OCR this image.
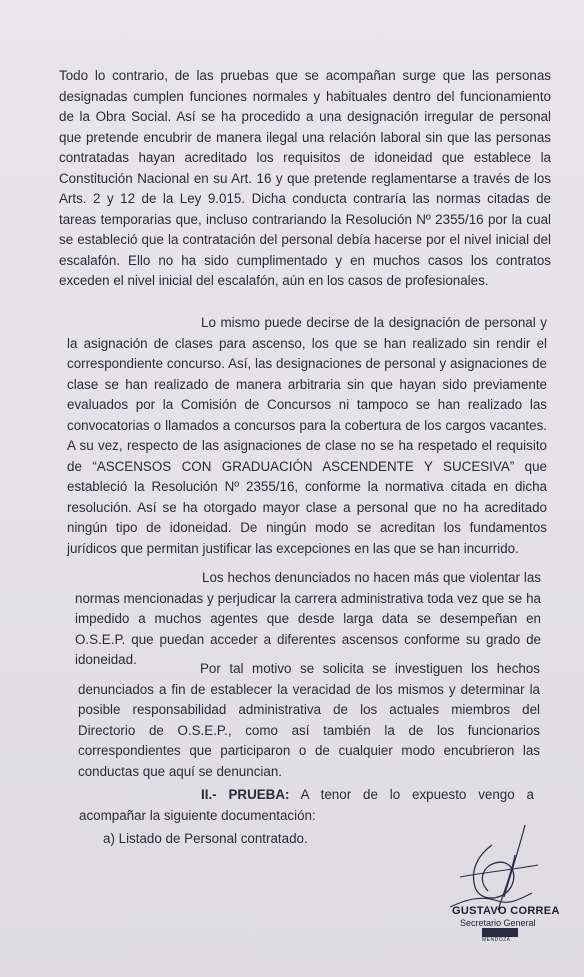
Todo lo contrario, de las pruebas que se acompañan surge que las personas designadas cumplen funciones normales y habituales dentro del funcionamiento de la Obra Social. Así se ha procedido a una designación irregular de personal que pretende encubrir de manera ilegal una relación laboral sin que las personas contratadas hayan acreditado los requisitos de idoneidad que establece la Constitución Nacional en su Art. 16 y que pretende reglamentarse a través de los Arts. 2 y 12 de la Ley 9.015. Dicha conducta contraría las normas citadas de tareas temporarias que, incluso contrariando la Resolución Nº 2355/16 por la cual se estableció que la contratación del personal debía hacerse por el nivel inicial del escalafón. Ello no ha sido cumplimentado y en muchos casos los contratos exceden el nivel inicial del escalafón, aún en los casos de profesionales.

Lo mismo puede decirse de la designación de personal y la asignación de clases para ascenso, los que se han realizado sin rendir el correspondiente concurso. Así, las designaciones de personal y asignaciones de clase se han realizado de manera arbitraria sin que hayan sido previamente evaluados por la Comisión de Concursos ni tampoco se han realizado las convocatorias o llamados a concursos para la cobertura de los cargos vacantes. A su vez, respecto de las asignaciones de clase no se ha respetado el requisito de “ASCENSOS CON GRADUACIÓN ASCENDENTE Y SUCESIVA” que estableció la Resolución Nº 2355/16, conforme la normativa citada en dicha resolución. Así se ha otorgado mayor clase a personal que no ha acreditado ningún tipo de idoneidad. De ningún modo se acreditan los fundamentos jurídicos que permitan justificar las excepciones en las que se han incurrido.

Los hechos denunciados no hacen más que violentar las normas mencionadas y perjudicar la carrera administrativa toda vez que se ha impedido a muchos agentes que desde larga data se desempeñan en O.S.E.P. que puedan acceder a diferentes ascensos conforme su grado de idoneidad.

Por tal motivo se solicita se investiguen los hechos denunciados a fin de establecer la veracidad de los mismos y determinar la posible responsabilidad administrativa de los actuales miembros del Directorio de O.S.E.P., como así también la de los funcionarios correspondientes que participaron o de cualquier modo encubrieron las conductas que aquí se denuncian.

II.- PRUEBA: A tenor de lo expuesto vengo a acompañar la siguiente documentación:

a) Listado de Personal contratado.

GUSTAVO CORREA
Secretario General
MENDOZA
